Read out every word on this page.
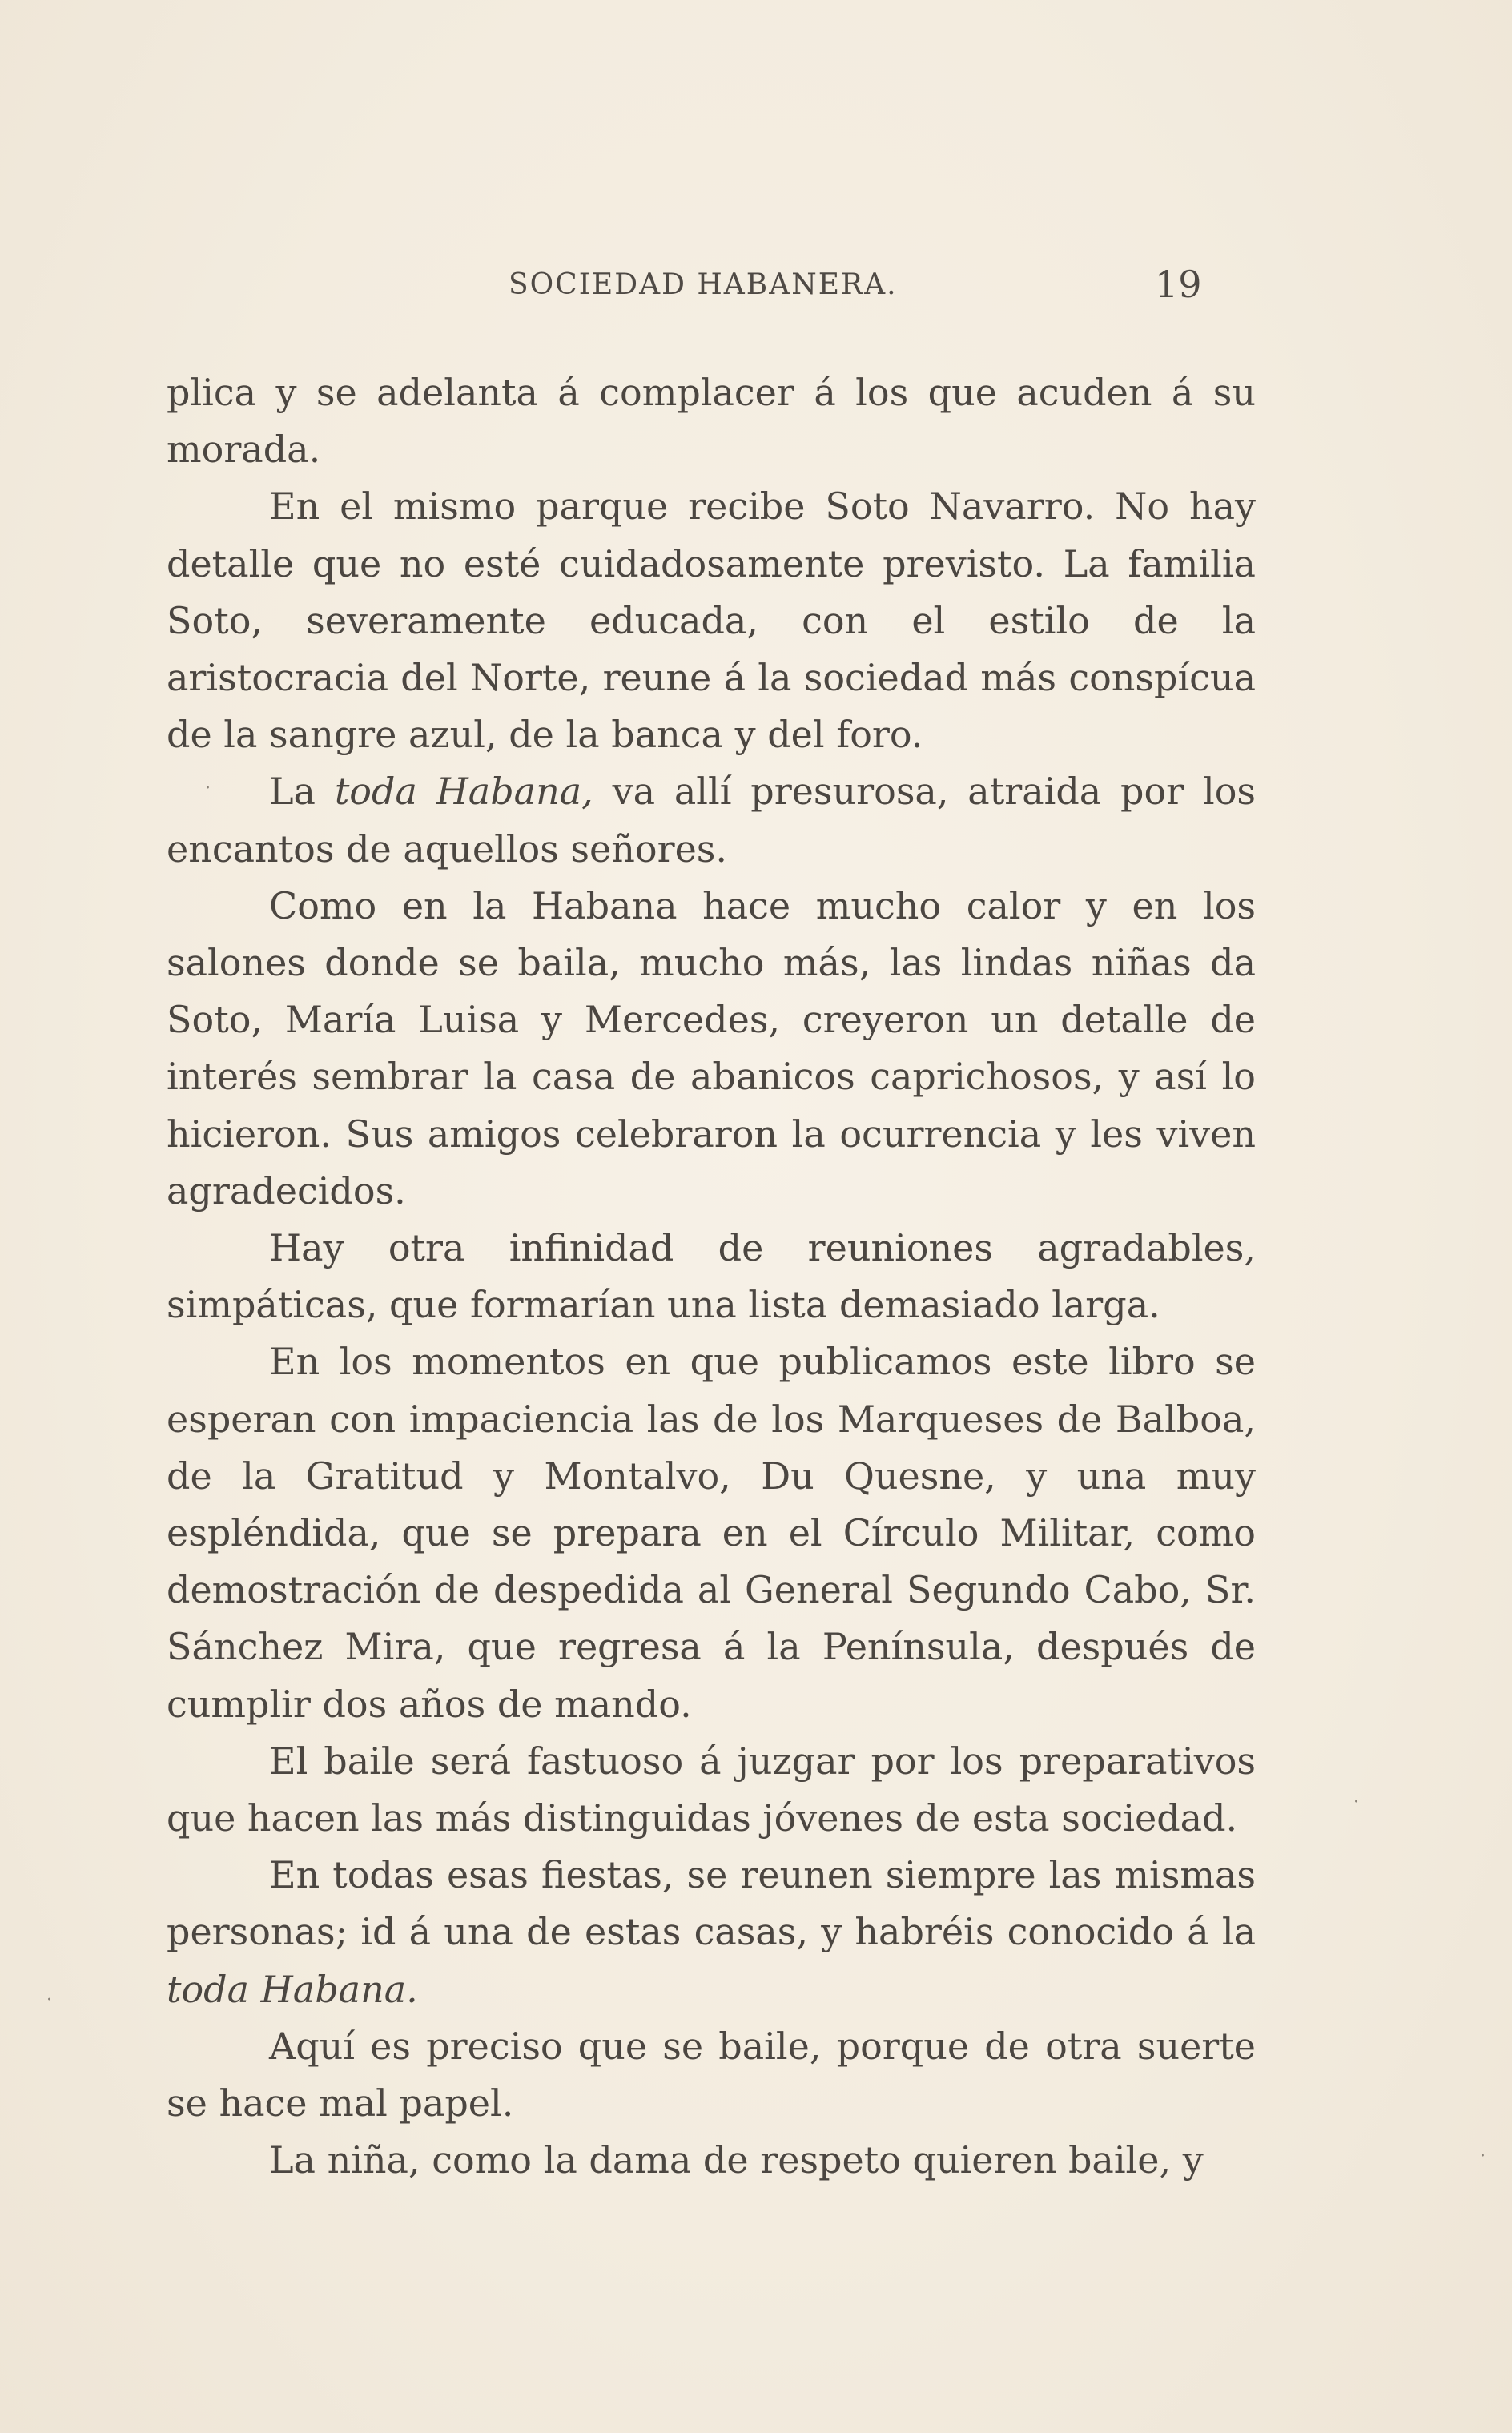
SOCIEDAD HABANERA.	19

plica y se adelanta á complacer á los que acuden á su morada.

En el mismo parque recibe Soto Navarro. No hay detalle que no esté cuidadosamente previsto. La familia Soto, severamente educada, con el estilo de la aristocracia del Norte, reune á la sociedad más conspícua de la sangre azul, de la banca y del foro.

La toda Habana, va allí presurosa, atraida por los encantos de aquellos señores.

Como en la Habana hace mucho calor y en los salones donde se baila, mucho más, las lindas niñas da Soto, María Luisa y Mercedes, creyeron un detalle de interés sembrar la casa de abanicos caprichosos, y así lo hicieron. Sus amigos celebraron la ocurrencia y les viven agradecidos.

Hay otra infinidad de reuniones agradables, simpáticas, que formarían una lista demasiado larga.

En los momentos en que publicamos este libro se esperan con impaciencia las de los Marqueses de Balboa, de la Gratitud y Montalvo, Du Quesne, y una muy espléndida, que se prepara en el Círculo Militar, como demostración de despedida al General Segundo Cabo, Sr. Sánchez Mira, que regresa á la Península, después de cumplir dos años de mando.

El baile será fastuoso á juzgar por los preparativos que hacen las más distinguidas jóvenes de esta sociedad.

En todas esas fiestas, se reunen siempre las mismas personas; id á una de estas casas, y habréis conocido á la toda Habana.

Aquí es preciso que se baile, porque de otra suerte se hace mal papel.

La niña, como la dama de respeto quieren baile, y

·
·
·
·
